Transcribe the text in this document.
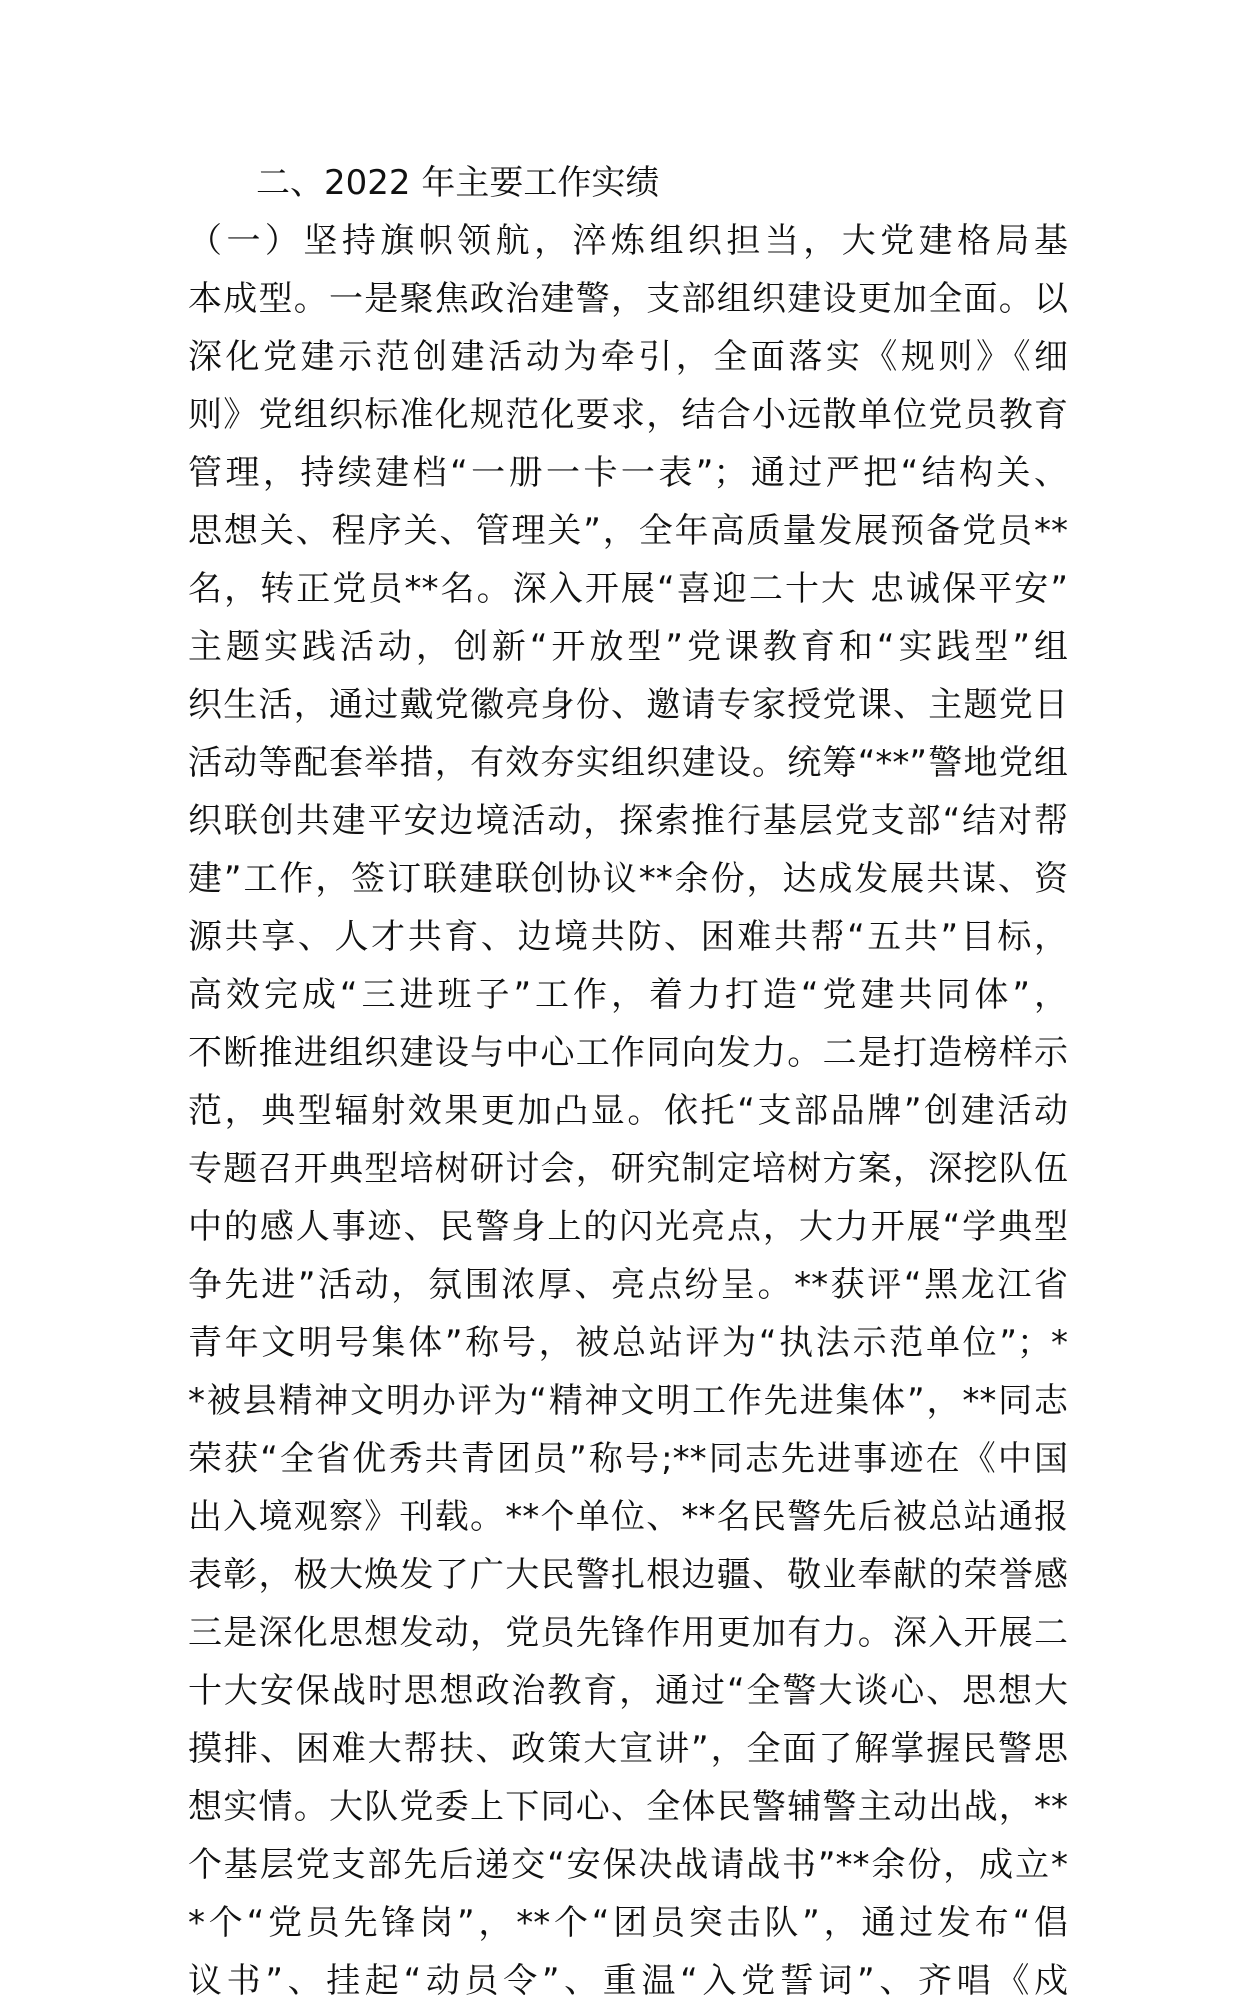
二、2022 年主要工作实绩
（一）坚持旗帜领航，淬炼组织担当，大党建格局基
本成型。一是聚焦政治建警，支部组织建设更加全面。以
深化党建示范创建活动为牵引，全面落实《规则》《细
则》党组织标准化规范化要求，结合小远散单位党员教育
管理，持续建档“一册一卡一表”；通过严把“结构关、
思想关、程序关、管理关”，全年高质量发展预备党员**
名，转正党员**名。深入开展“喜迎二十大 忠诚保平安”
主题实践活动，创新“开放型”党课教育和“实践型”组
织生活，通过戴党徽亮身份、邀请专家授党课、主题党日
活动等配套举措，有效夯实组织建设。统筹“**”警地党组
织联创共建平安边境活动，探索推行基层党支部“结对帮
建”工作，签订联建联创协议**余份，达成发展共谋、资
源共享、人才共育、边境共防、困难共帮“五共”目标，
高效完成“三进班子”工作，着力打造“党建共同体”，
不断推进组织建设与中心工作同向发力。二是打造榜样示
范，典型辐射效果更加凸显。依托“支部品牌”创建活动
专题召开典型培树研讨会，研究制定培树方案，深挖队伍
中的感人事迹、民警身上的闪光亮点，大力开展“学典型
争先进”活动，氛围浓厚、亮点纷呈。**获评“黑龙江省
青年文明号集体”称号，被总站评为“执法示范单位”；*
*被县精神文明办评为“精神文明工作先进集体”，**同志
荣获“全省优秀共青团员”称号;**同志先进事迹在《中国
出入境观察》刊载。**个单位、**名民警先后被总站通报
表彰，极大焕发了广大民警扎根边疆、敬业奉献的荣誉感
三是深化思想发动，党员先锋作用更加有力。深入开展二
十大安保战时思想政治教育，通过“全警大谈心、思想大
摸排、困难大帮扶、政策大宣讲”，全面了解掌握民警思
想实情。大队党委上下同心、全体民警辅警主动出战，**
个基层党支部先后递交“安保决战请战书”**余份，成立*
*个“党员先锋岗”，**个“团员突击队”，通过发布“倡
议书”、挂起“动员令”、重温“入党誓词”、齐唱《戍
